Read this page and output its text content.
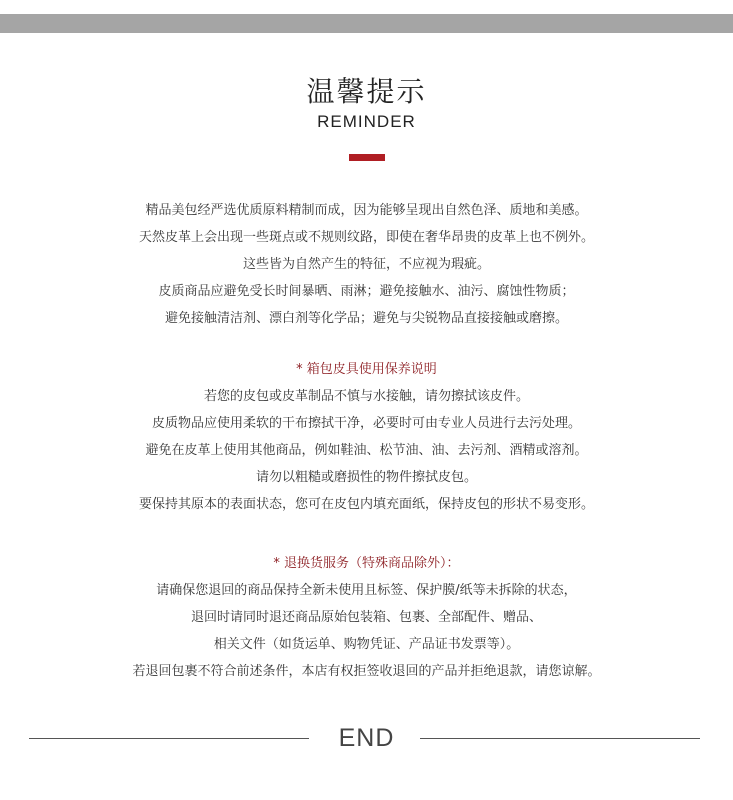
温馨提示
REMINDER
精品美包经严选优质原料精制而成，因为能够呈现出自然色泽、质地和美感。
天然皮革上会出现一些斑点或不规则纹路，即使在奢华昂贵的皮革上也不例外。
这些皆为自然产生的特征，不应视为瑕疵。
皮质商品应避免受长时间暴晒、雨淋；避免接触水、油污、腐蚀性物质；
避免接触清洁剂、漂白剂等化学品；避免与尖锐物品直接接触或磨擦。
* 箱包皮具使用保养说明
若您的皮包或皮革制品不慎与水接触，请勿擦拭该皮件。
皮质物品应使用柔软的干布擦拭干净，必要时可由专业人员进行去污处理。
避免在皮革上使用其他商品，例如鞋油、松节油、油、去污剂、酒精或溶剂。
请勿以粗糙或磨损性的物件擦拭皮包。
要保持其原本的表面状态，您可在皮包内填充面纸，保持皮包的形状不易变形。
* 退换货服务（特殊商品除外）：
请确保您退回的商品保持全新未使用且标签、保护膜/纸等未拆除的状态，
退回时请同时退还商品原始包装箱、包裹、全部配件、赠品、
相关文件（如货运单、购物凭证、产品证书发票等）。
若退回包裹不符合前述条件，本店有权拒签收退回的产品并拒绝退款，请您谅解。
END
